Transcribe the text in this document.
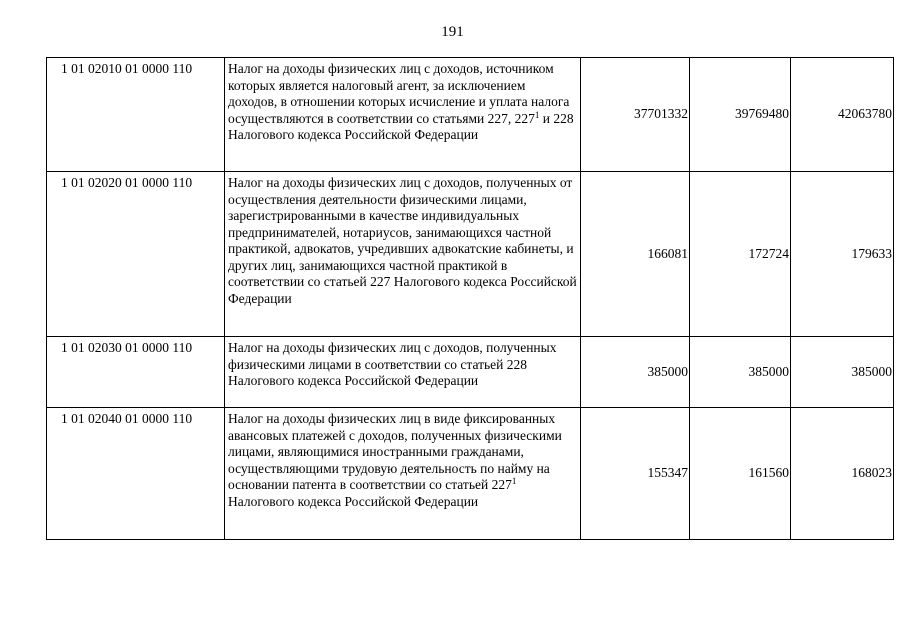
191
1 01 02010 01 0000 110	Налог на доходы физических лиц с доходов, источником которых является налоговый агент, за исключением доходов, в отношении которых исчисление и уплата налога осуществляются в соответствии со статьями 227, $227^1$ и 228 Налогового кодекса Российской Федерации	37701332	39769480	42063780
1 01 02020 01 0000 110	Налог на доходы физических лиц с доходов, полученных от осуществления деятельности физическими лицами, зарегистрированными в качестве индивидуальных предпринимателей, нотариусов, занимающихся частной практикой, адвокатов, учредивших адвокатские кабинеты, и других лиц, занимающихся частной практикой в соответствии со статьей 227 Налогового кодекса Российской Федерации	166081	172724	179633
1 01 02030 01 0000 110	Налог на доходы физических лиц с доходов, полученных физическими лицами в соответствии со статьей 228 Налогового кодекса Российской Федерации	385000	385000	385000
1 01 02040 01 0000 110	Налог на доходы физических лиц в виде фиксированных авансовых платежей с доходов, полученных физическими лицами, являющимися иностранными гражданами, осуществляющими трудовую деятельность по найму на основании патента в соответствии со статьей $227^1$ Налогового кодекса Российской Федерации	155347	161560	168023
